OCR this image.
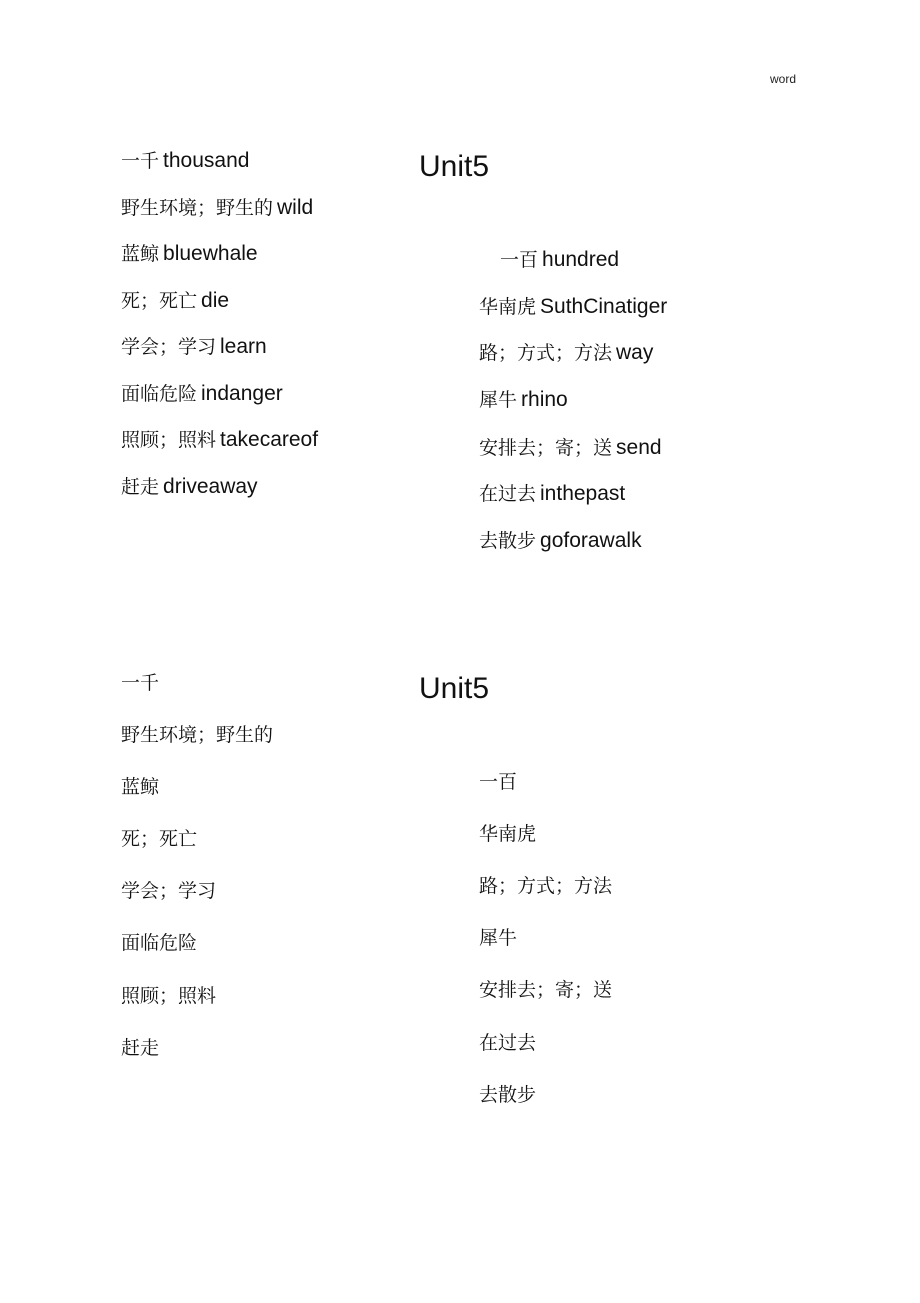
word
Unit5
一千 thousand
野生环境；野生的 wild
蓝鲸 bluewhale
死；死亡 die
学会；学习 learn
面临危险 indanger
照顾；照料 takecareof
赶走 driveaway
一百 hundred
华南虎 SuthCinatiger
路；方式；方法 way
犀牛 rhino
安排去；寄；送 send
在过去 inthepast
去散步 goforawalk
Unit5
一千
野生环境；野生的
蓝鲸
死；死亡
学会；学习
面临危险
照顾；照料
赶走
一百
华南虎
路；方式；方法
犀牛
安排去；寄；送
在过去
去散步
